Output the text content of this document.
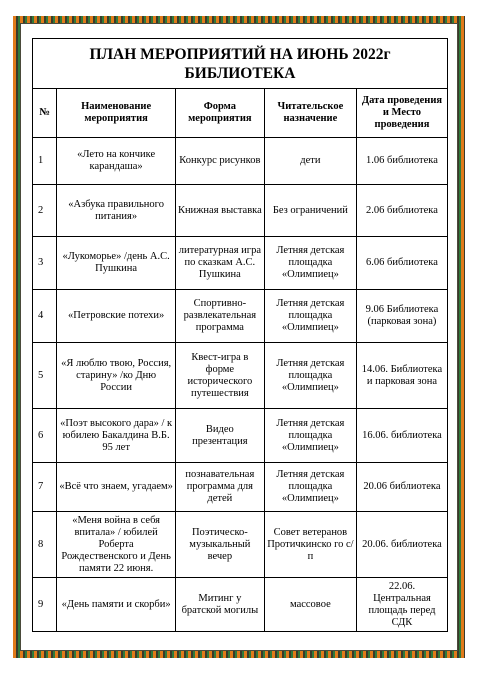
ПЛАН МЕРОПРИЯТИЙ НА ИЮНЬ 2022г
БИБЛИОТЕКА				

№	Наименование мероприятия	Форма мероприятия	Читательское назначение	Дата проведения и Место проведения
1	«Лето на кончике карандаша»	Конкурс рисунков	дети	1.06 библиотека
2	«Азбука правильного питания»	Книжная выставка	Без ограничений	2.06 библиотека
3	«Лукоморье» /день А.С. Пушкина	литературная игра по сказкам А.С. Пушкина	Летняя детская площадка «Олимпиец»	6.06 библиотека
4	«Петровские потехи»	Спортивно-развлекательная программа	Летняя детская площадка «Олимпиец»	9.06 Библиотека (парковая зона)
5	«Я люблю твою, Россия, старину» /ко Дню России	Квест-игра в форме исторического путешествия	Летняя детская площадка «Олимпиец»	14.06. Библиотека и парковая зона
6	«Поэт высокого дара» / к юбилею Бакалдина В.Б. 95 лет	Видео презентация	Летняя детская площадка «Олимпиец»	16.06. библиотека
7	«Всё что знаем, угадаем»	познавательная программа для детей	Летняя детская площадка «Олимпиец»	20.06 библиотека
8	«Меня война в себя впитала» / юбилей Роберта Рождественского и День памяти 22 июня.	Поэтическо-музыкальный вечер	Совет ветеранов Протичкинско го с/п	20.06. библиотека
9	«День памяти и скорби»	Митинг у братской могилы	массовое	22.06. Центральная площадь перед СДК
